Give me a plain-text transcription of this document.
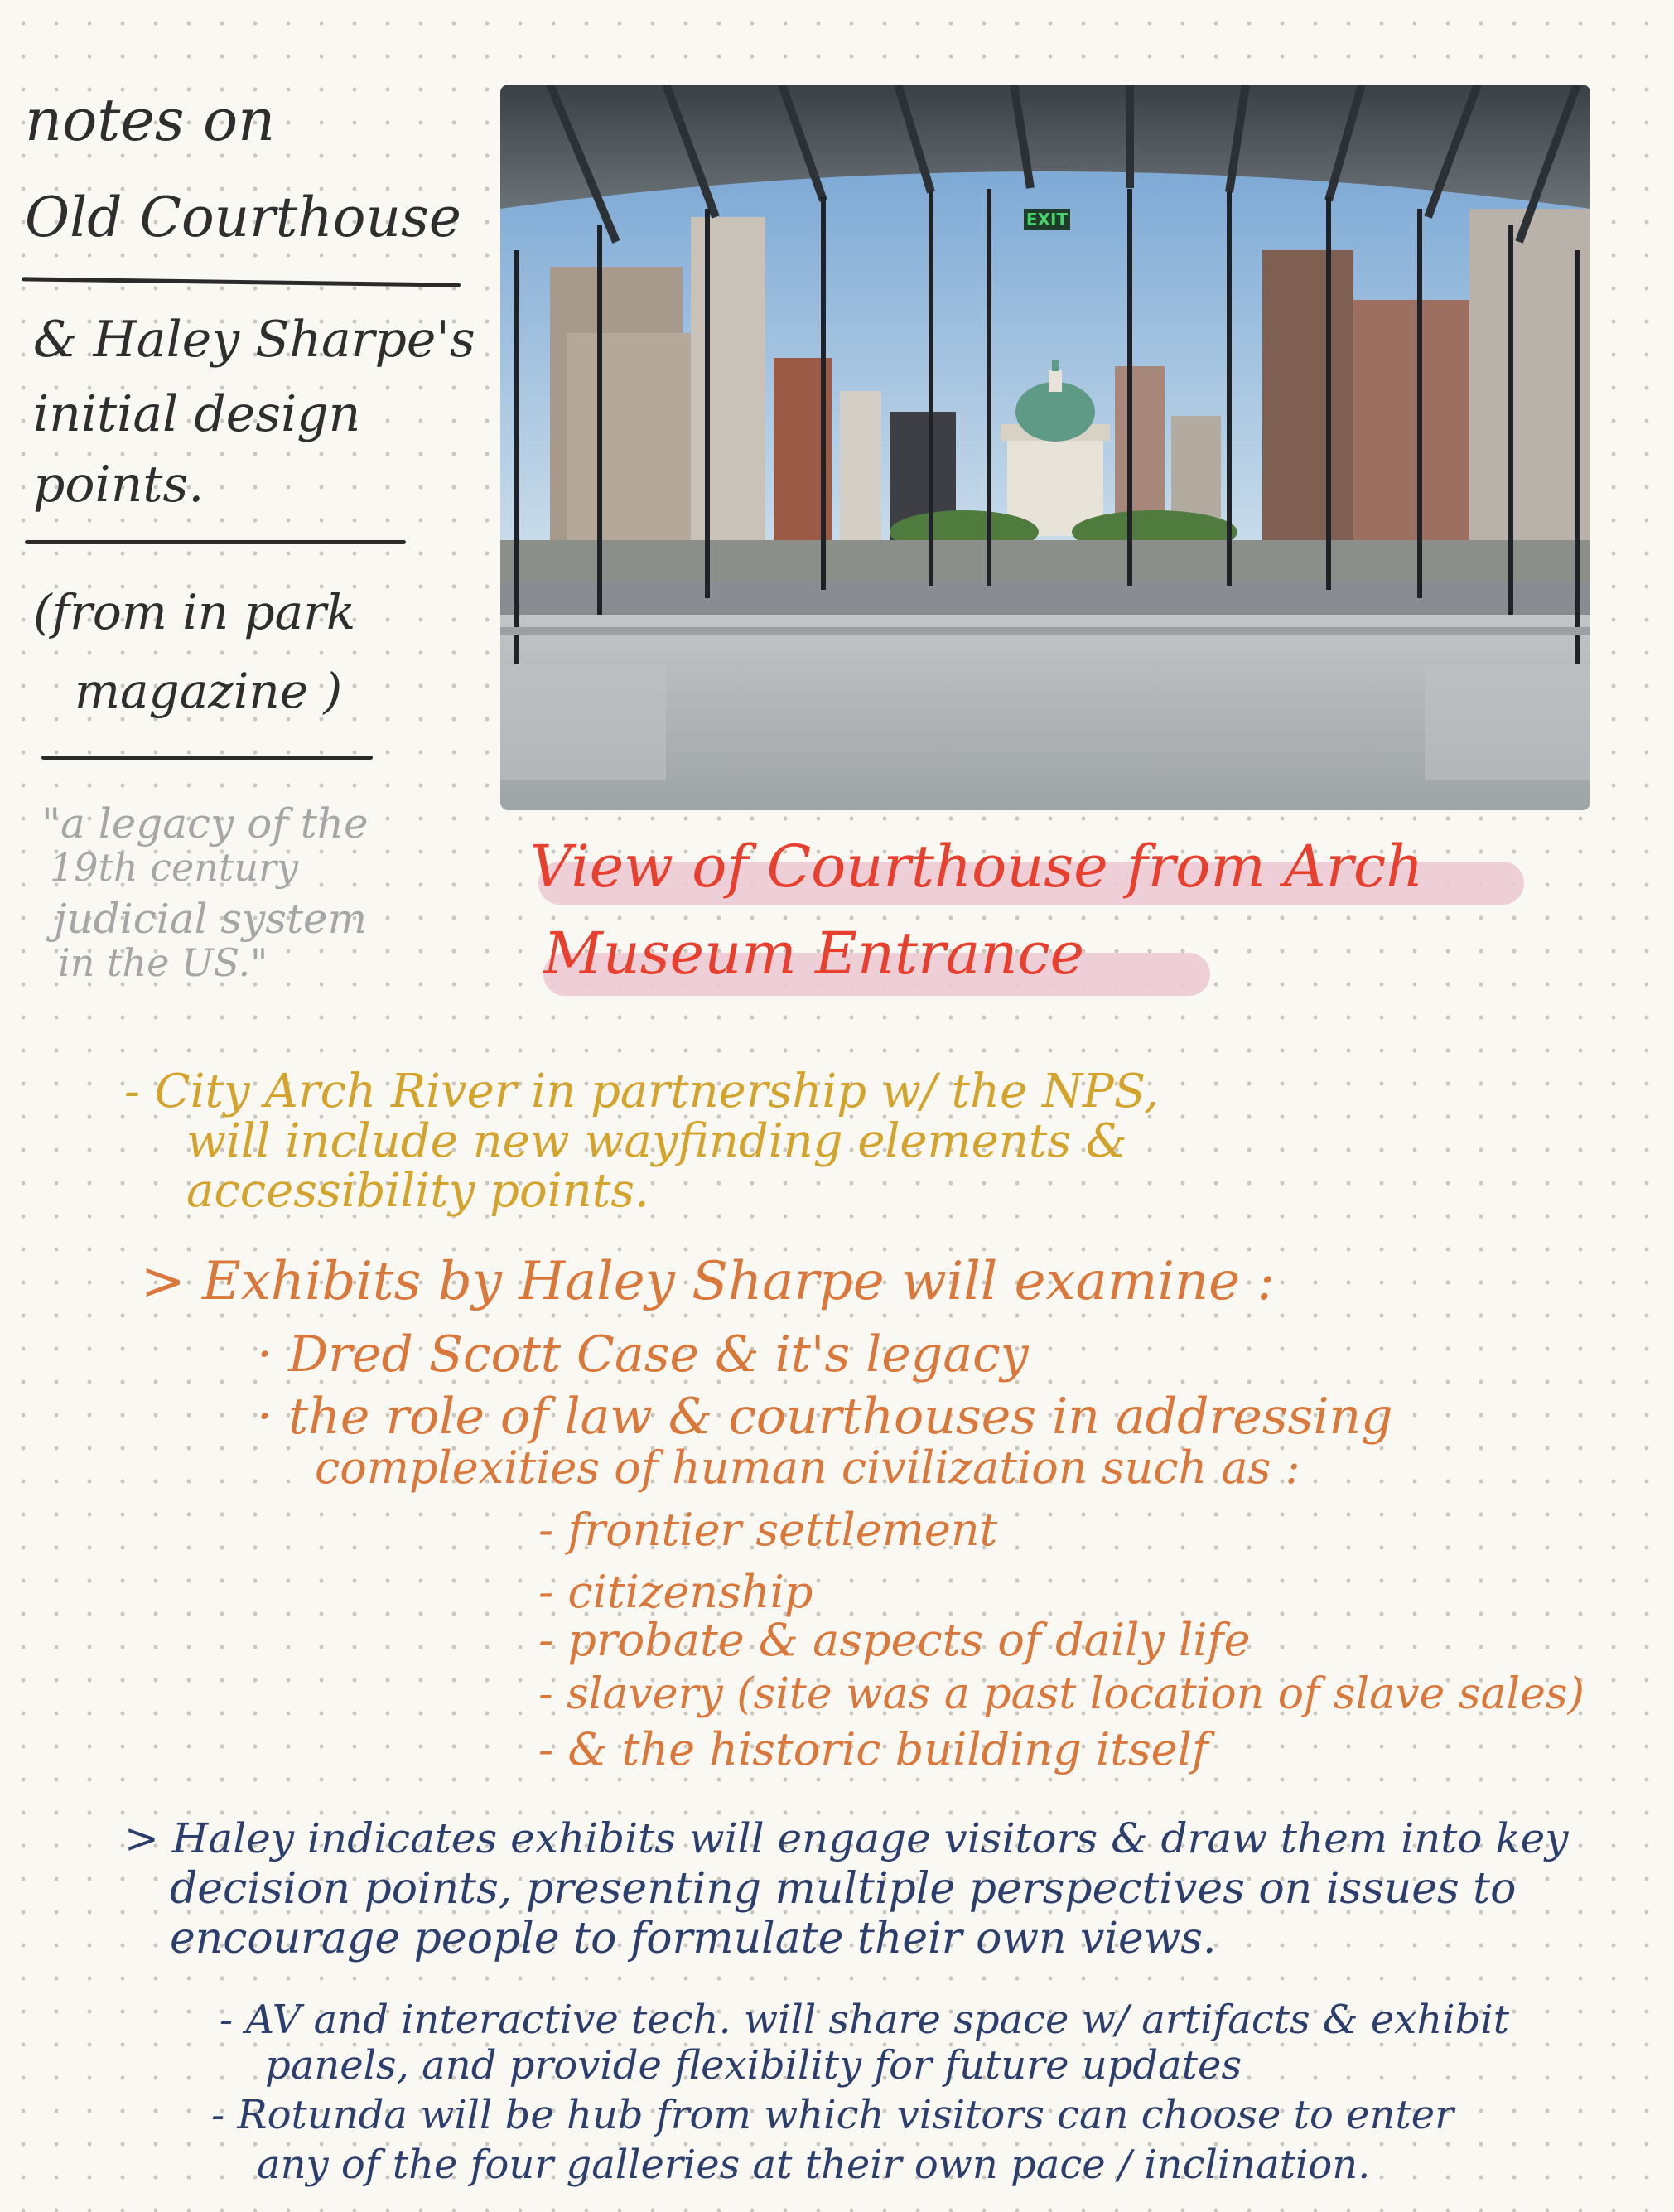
notes on

Old Courthouse

& Haley Sharpe's

initial design

points.

(from in park

magazine )

"a legacy of the

19th century

judicial system

in the US."

EXIT

View of Courthouse from Arch

Museum Entrance

- City Arch River in partnership w/ the NPS,

will include new wayfinding elements &

accessibility points.

> Exhibits by Haley Sharpe will examine :

· Dred Scott Case & it's legacy

· the role of law & courthouses in addressing

complexities of human civilization such as :

- frontier settlement

- citizenship

- probate & aspects of daily life

- slavery (site was a past location of slave sales)

- & the historic building itself

> Haley indicates exhibits will engage visitors & draw them into key

decision points, presenting multiple perspectives on issues to

encourage people to formulate their own views.

- AV and interactive tech. will share space w/ artifacts & exhibit

panels, and provide flexibility for future updates

- Rotunda will be hub from which visitors can choose to enter

any of the four galleries at their own pace / inclination.
